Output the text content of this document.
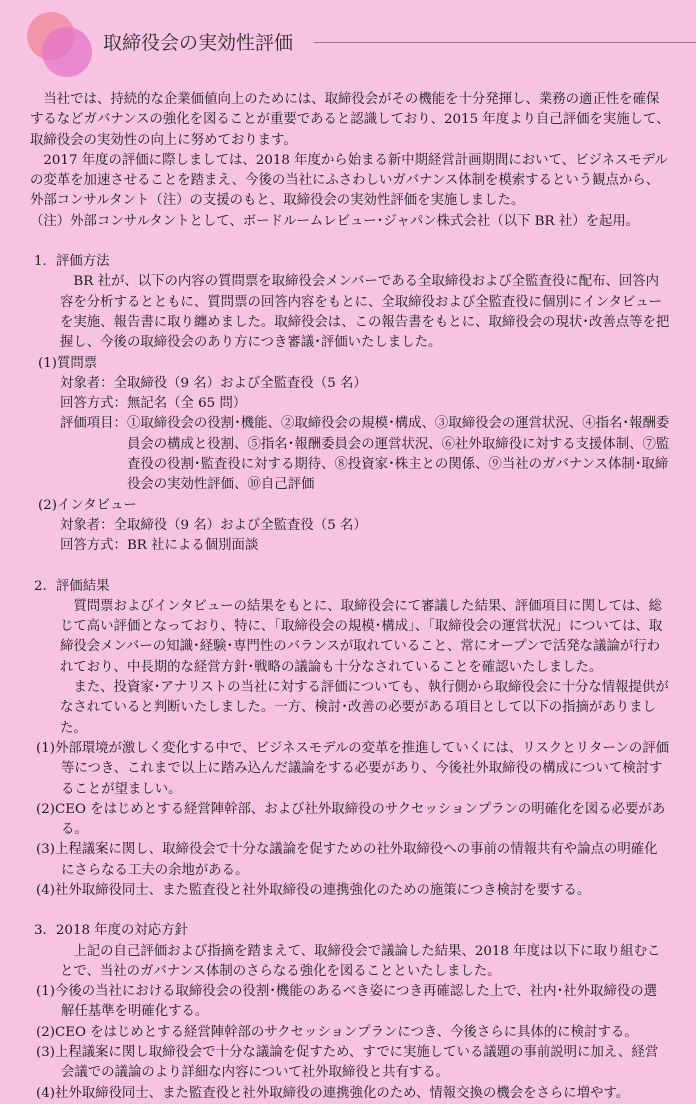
取締役会の実効性評価

当社では、持続的な企業価値向上のためには、取締役会がその機能を十分発揮し、業務の適正性を確保するなどガバナンスの強化を図ることが重要であると認識しており、2015 年度より自己評価を実施して、取締役会の実効性の向上に努めております。

2017 年度の評価に際しましては、2018 年度から始まる新中期経営計画期間において、ビジネスモデルの変革を加速させることを踏まえ、今後の当社にふさわしいガバナンス体制を模索するという観点から、外部コンサルタント（注）の支援のもと、取締役会の実効性評価を実施しました。

（注）外部コンサルタントとして、ボードルームレビュー･ジャパン株式会社（以下 BR 社）を起用。
1．評価方法
BR 社が、以下の内容の質問票を取締役会メンバーである全取締役および全監査役に配布、回答内容を分析するとともに、質問票の回答内容をもとに、全取締役および全監査役に個別にインタビューを実施、報告書に取り纏めました。取締役会は、この報告書をもとに、取締役会の現状･改善点等を把握し、今後の取締役会のあり方につき審議･評価いたしました。
(1)質問票
対象者： 全取締役（9 名）および全監査役（5 名）
回答方式： 無記名（全 65 問）
評価項目： ①取締役会の役割･機能、②取締役会の規模･構成、③取締役会の運営状況、④指名･報酬委員会の構成と役割、⑤指名･報酬委員会の運営状況、⑥社外取締役に対する支援体制、⑦監査役の役割･監査役に対する期待、⑧投資家･株主との関係、⑨当社のガバナンス体制･取締役会の実効性評価、⑩自己評価
(2)インタビュー
対象者： 全取締役（9 名）および全監査役（5 名）
回答方式： BR 社による個別面談
2．評価結果
質問票およびインタビューの結果をもとに、取締役会にて審議した結果、評価項目に関しては、総じて高い評価となっており、特に、「取締役会の規模･構成」、「取締役会の運営状況」については、取締役会メンバーの知識･経験･専門性のバランスが取れていること、常にオープンで活発な議論が行われており、中長期的な経営方針･戦略の議論も十分なされていることを確認いたしました。
また、投資家･アナリストの当社に対する評価についても、執行側から取締役会に十分な情報提供がなされていると判断いたしました。一方、検討･改善の必要がある項目として以下の指摘がありました。
(1)外部環境が激しく変化する中で、ビジネスモデルの変革を推進していくには、リスクとリターンの評価等につき、これまで以上に踏み込んだ議論をする必要があり、今後社外取締役の構成について検討することが望ましい。
(2)CEO をはじめとする経営陣幹部、および社外取締役のサクセッションプランの明確化を図る必要がある。
(3)上程議案に関し、取締役会で十分な議論を促すための社外取締役への事前の情報共有や論点の明確化にさらなる工夫の余地がある。
(4)社外取締役同士、また監査役と社外取締役の連携強化のための施策につき検討を要する。
3．2018 年度の対応方針
上記の自己評価および指摘を踏まえて、取締役会で議論した結果、2018 年度は以下に取り組むことで、当社のガバナンス体制のさらなる強化を図ることといたしました。
(1)今後の当社における取締役会の役割･機能のあるべき姿につき再確認した上で、社内･社外取締役の選解任基準を明確化する。
(2)CEO をはじめとする経営陣幹部のサクセッションプランにつき、今後さらに具体的に検討する。
(3)上程議案に関し取締役会で十分な議論を促すため、すでに実施している議題の事前説明に加え、経営会議での議論のより詳細な内容について社外取締役と共有する。
(4)社外取締役同士、また監査役と社外取締役の連携強化のため、情報交換の機会をさらに増やす。
